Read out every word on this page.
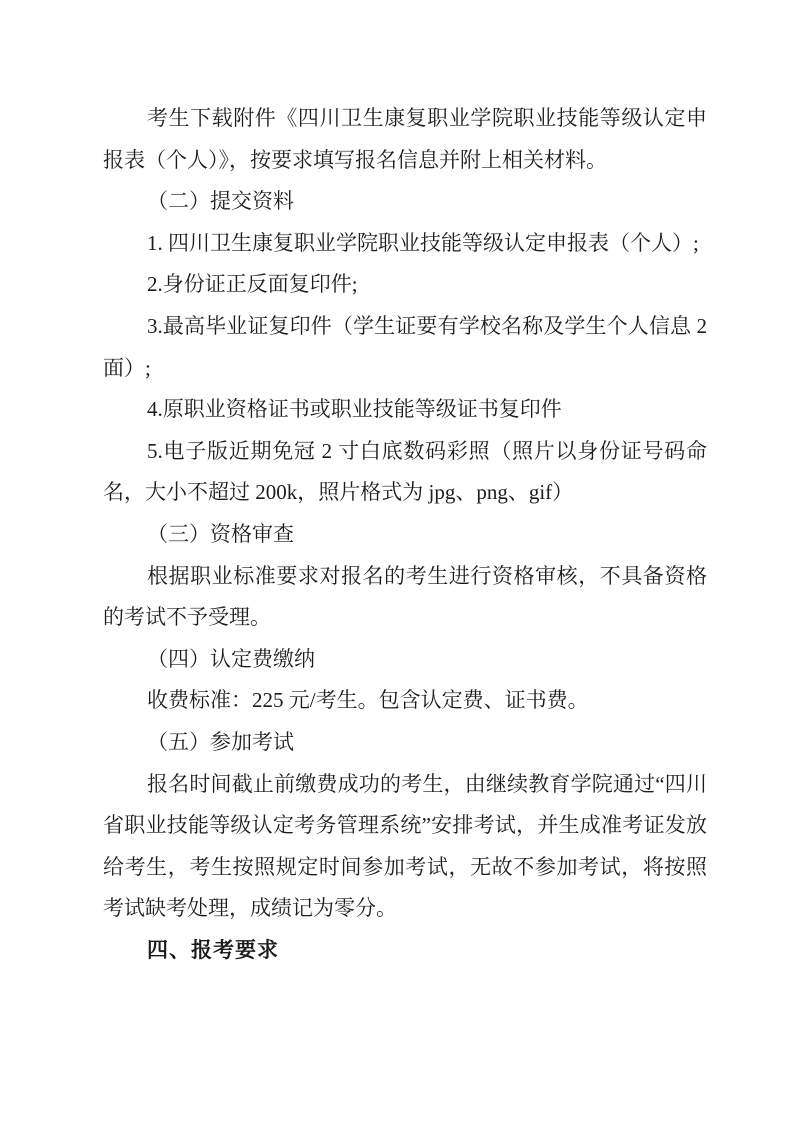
考生下载附件《四川卫生康复职业学院职业技能等级认定申报表（个人）》，按要求填写报名信息并附上相关材料。

（二）提交资料

1. 四川卫生康复职业学院职业技能等级认定申报表（个人）;

2.身份证正反面复印件;

3.最高毕业证复印件（学生证要有学校名称及学生个人信息 2 面）;

4.原职业资格证书或职业技能等级证书复印件

5.电子版近期免冠 2 寸白底数码彩照（照片以身份证号码命名，大小不超过 200k，照片格式为 jpg、png、gif）

（三）资格审查

根据职业标准要求对报名的考生进行资格审核，不具备资格的考试不予受理。

（四）认定费缴纳

收费标准：225 元/考生。包含认定费、证书费。

（五）参加考试

报名时间截止前缴费成功的考生，由继续教育学院通过“四川省职业技能等级认定考务管理系统”安排考试，并生成准考证发放给考生，考生按照规定时间参加考试，无故不参加考试，将按照考试缺考处理，成绩记为零分。

四、报考要求
